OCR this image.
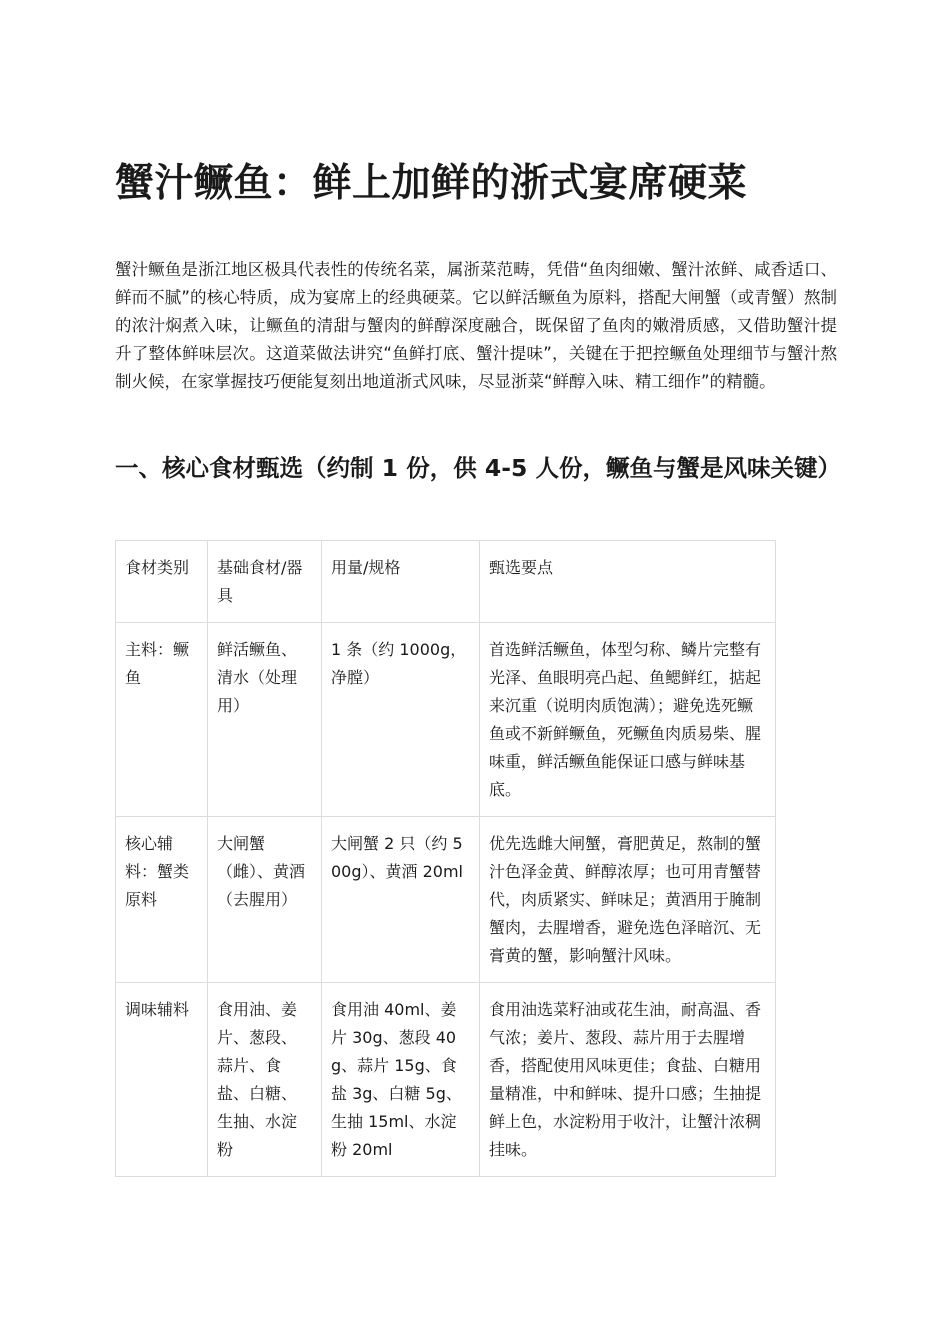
蟹汁鳜鱼：鲜上加鲜的浙式宴席硬菜

蟹汁鳜鱼是浙江地区极具代表性的传统名菜，属浙菜范畴，凭借“鱼肉细嫩、蟹汁浓鲜、咸香适口、鲜而不腻”的核心特质，成为宴席上的经典硬菜。它以鲜活鳜鱼为原料，搭配大闸蟹（或青蟹）熬制的浓汁焖煮入味，让鳜鱼的清甜与蟹肉的鲜醇深度融合，既保留了鱼肉的嫩滑质感，又借助蟹汁提升了整体鲜味层次。这道菜做法讲究“鱼鲜打底、蟹汁提味”，关键在于把控鳜鱼处理细节与蟹汁熬制火候，在家掌握技巧便能复刻出地道浙式风味，尽显浙菜“鲜醇入味、精工细作”的精髓。

一、核心食材甄选（约制 1 份，供 4-5 人份，鳜鱼与蟹是风味关键）
食材类别	基础食材/器具	用量/规格	甄选要点
主料：鳜鱼	鲜活鳜鱼、清水（处理用）	1 条（约 1000g，净膛）	首选鲜活鳜鱼，体型匀称、鳞片完整有光泽、鱼眼明亮凸起、鱼鳃鲜红，掂起来沉重（说明肉质饱满）；避免选死鳜鱼或不新鲜鳜鱼，死鳜鱼肉质易柴、腥味重，鲜活鳜鱼能保证口感与鲜味基底。
核心辅料：蟹类原料	大闸蟹（雌）、黄酒（去腥用）	大闸蟹 2 只（约 500g）、黄酒 20ml	优先选雌大闸蟹，膏肥黄足，熬制的蟹汁色泽金黄、鲜醇浓厚；也可用青蟹替代，肉质紧实、鲜味足；黄酒用于腌制蟹肉，去腥增香，避免选色泽暗沉、无膏黄的蟹，影响蟹汁风味。
调味辅料	食用油、姜片、葱段、蒜片、食盐、白糖、生抽、水淀粉	食用油 40ml、姜片 30g、葱段 40g、蒜片 15g、食盐 3g、白糖 5g、生抽 15ml、水淀粉 20ml	食用油选菜籽油或花生油，耐高温、香气浓；姜片、葱段、蒜片用于去腥增香，搭配使用风味更佳；食盐、白糖用量精准，中和鲜味、提升口感；生抽提鲜上色，水淀粉用于收汁，让蟹汁浓稠挂味。
